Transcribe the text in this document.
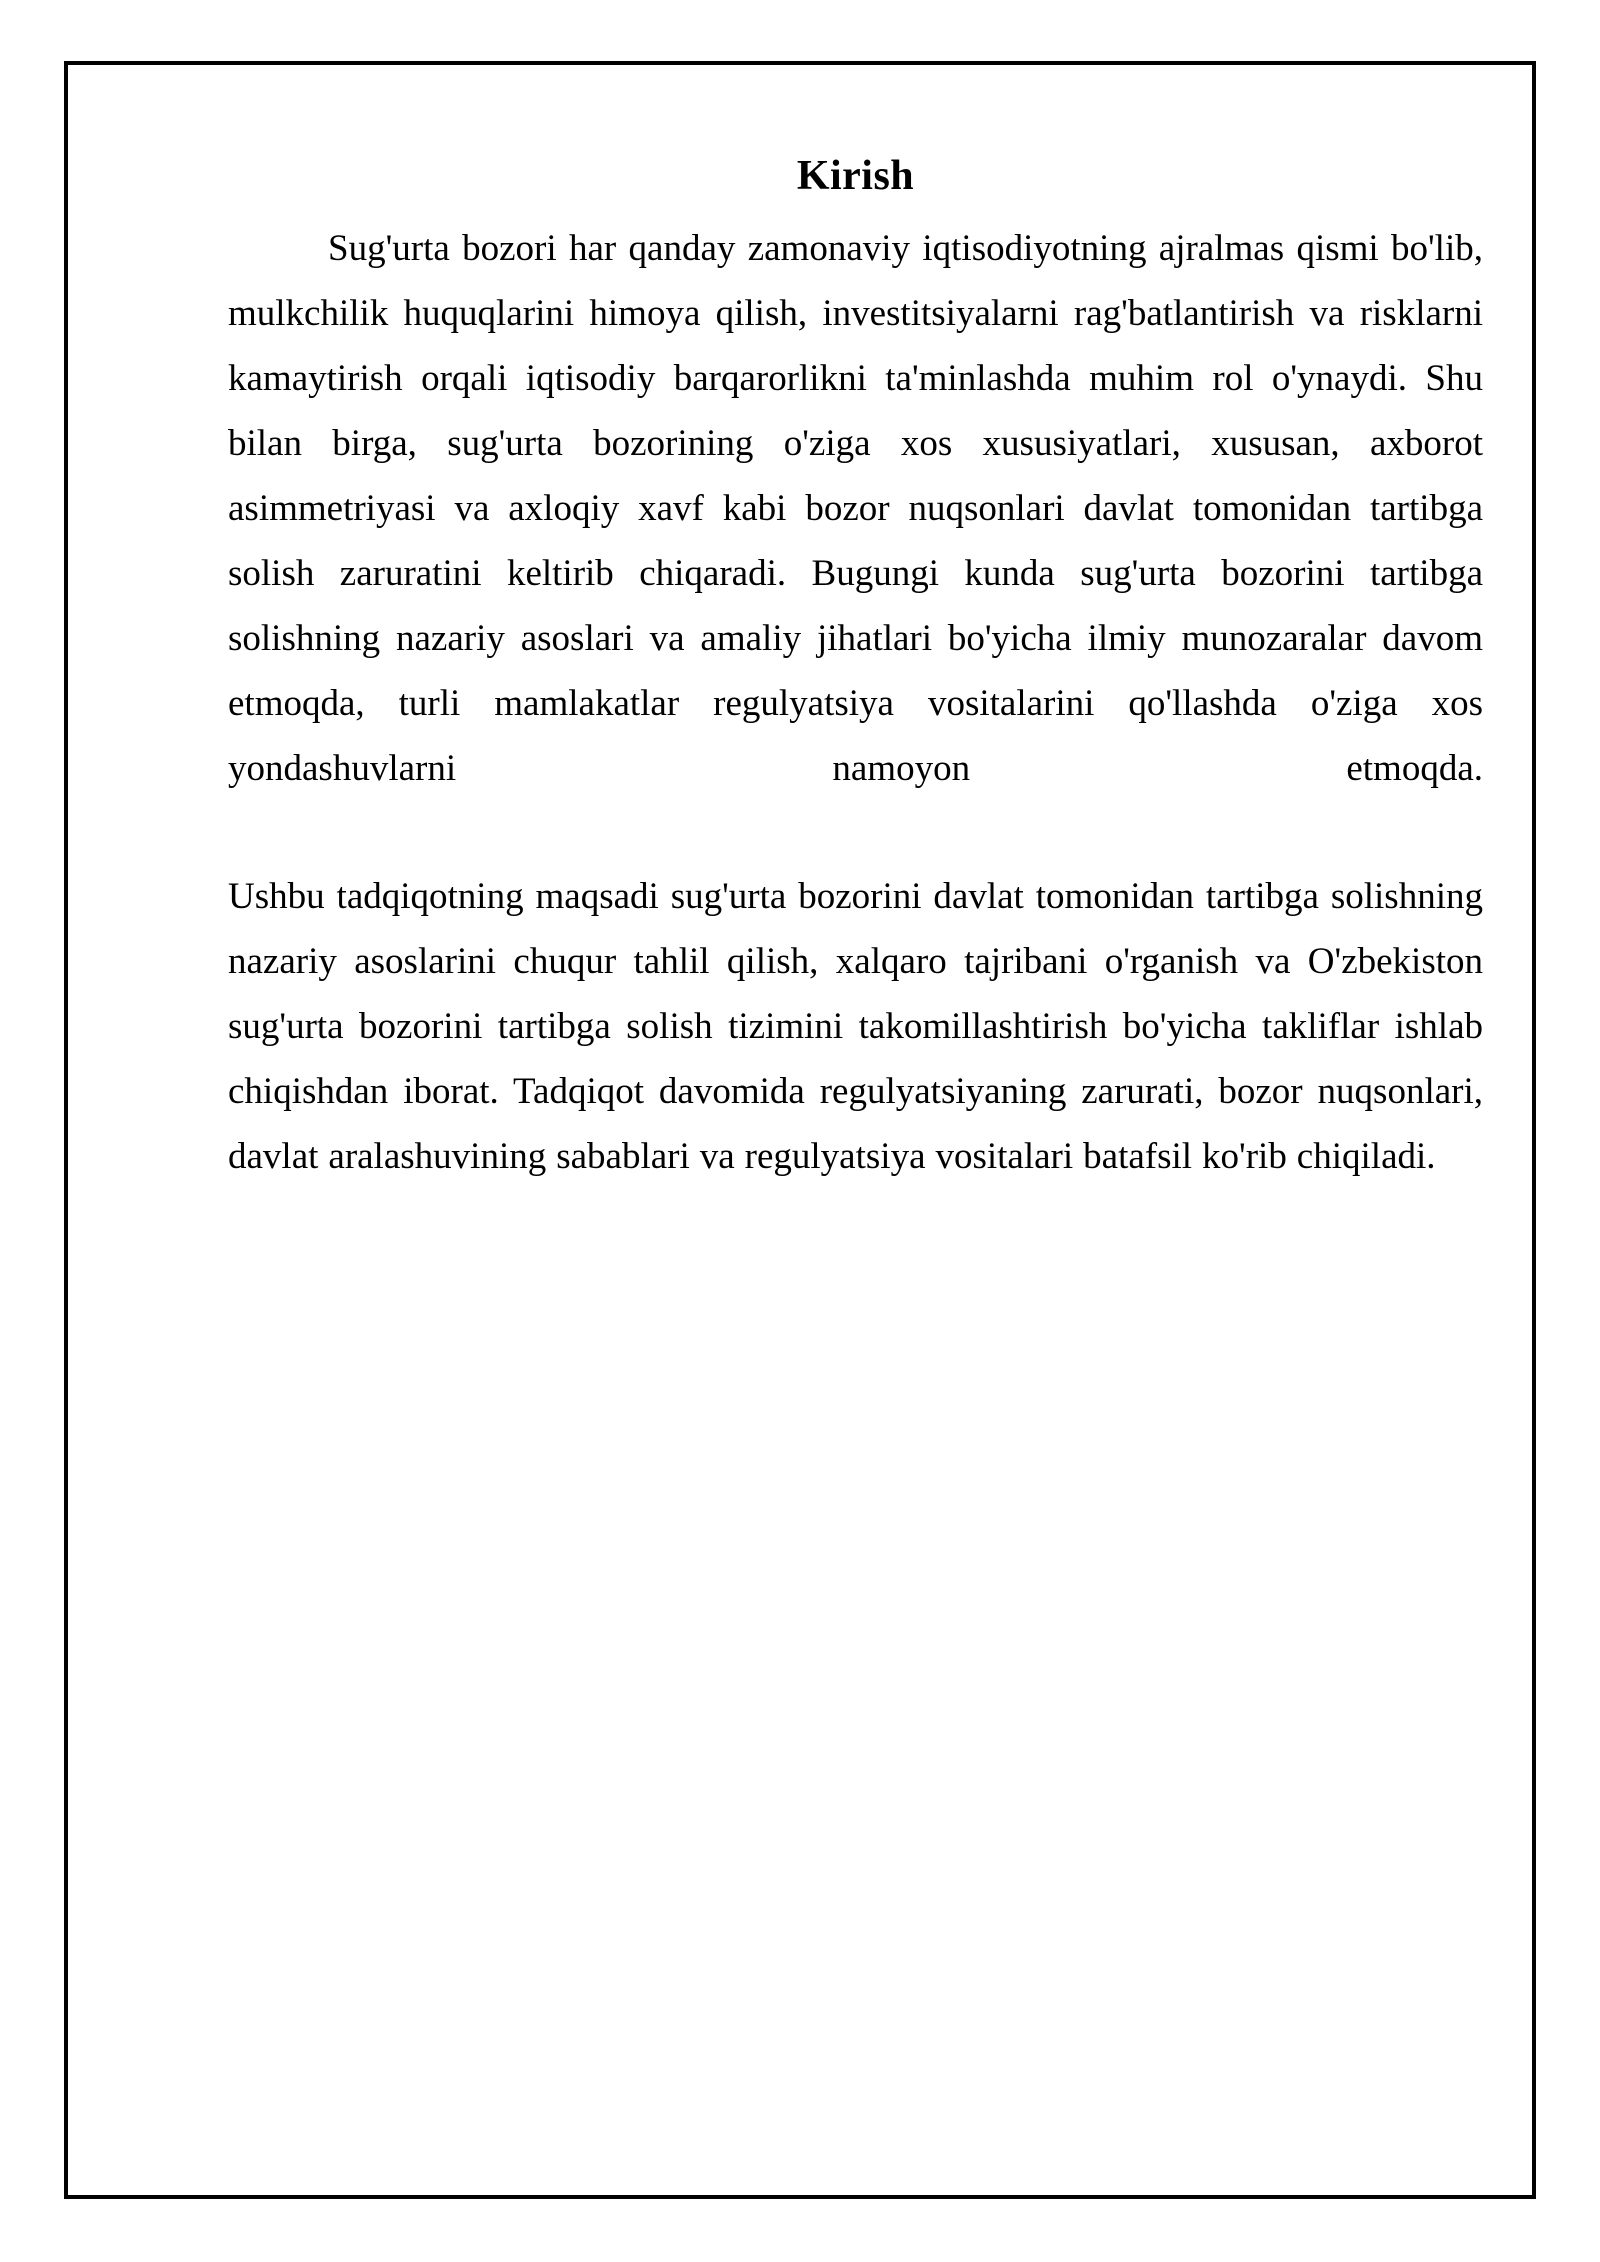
Kirish
Sug'urta bozori har qanday zamonaviy iqtisodiyotning ajralmas qismi bo'lib,
mulkchilik huquqlarini himoya qilish, investitsiyalarni rag'batlantirish va risklarni
kamaytirish orqali iqtisodiy barqarorlikni ta'minlashda muhim rol o'ynaydi. Shu
bilan birga, sug'urta bozorining o'ziga xos xususiyatlari, xususan, axborot
asimmetriyasi va axloqiy xavf kabi bozor nuqsonlari davlat tomonidan tartibga
solish zaruratini keltirib chiqaradi. Bugungi kunda sug'urta bozorini tartibga
solishning nazariy asoslari va amaliy jihatlari bo'yicha ilmiy munozaralar davom
etmoqda, turli mamlakatlar regulyatsiya vositalarini qo'llashda o'ziga xos
yondashuvlarni namoyon etmoqda.
Ushbu tadqiqotning maqsadi sug'urta bozorini davlat tomonidan tartibga solishning
nazariy asoslarini chuqur tahlil qilish, xalqaro tajribani o'rganish va O'zbekiston
sug'urta bozorini tartibga solish tizimini takomillashtirish bo'yicha takliflar ishlab
chiqishdan iborat. Tadqiqot davomida regulyatsiyaning zarurati, bozor nuqsonlari,
davlat aralashuvining sabablari va regulyatsiya vositalari batafsil ko'rib chiqiladi.
